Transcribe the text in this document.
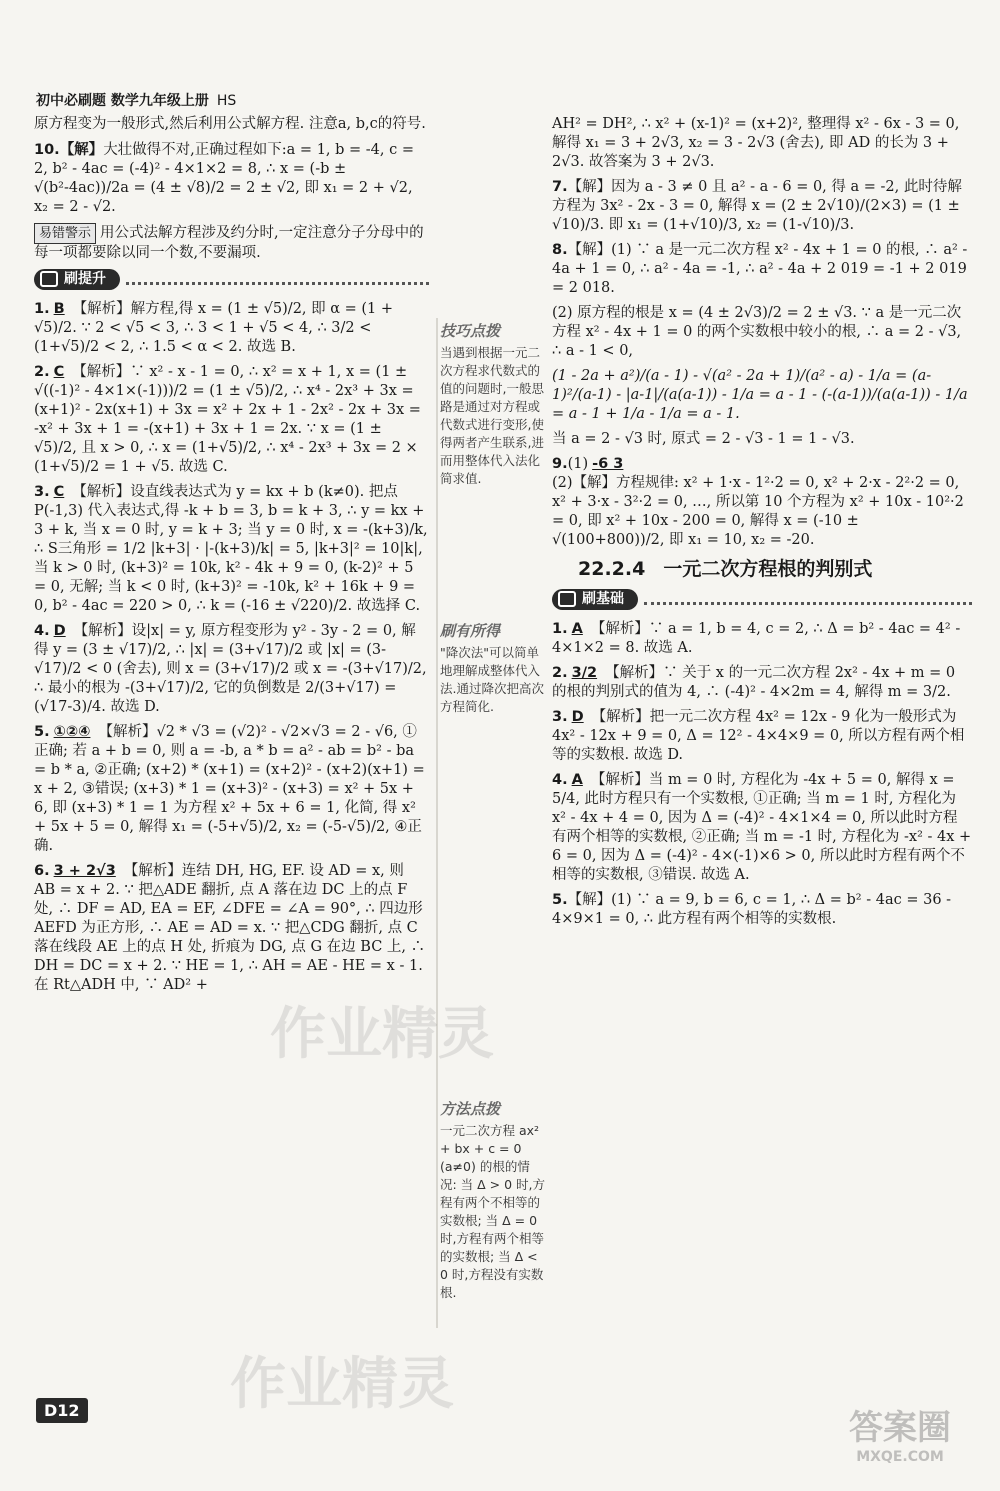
初中必刷题 数学九年级上册 HS

原方程变为一般形式,然后利用公式解方程. 注意a, b,c的符号.

10.【解】大壮做得不对,正确过程如下:a = 1, b = -4, c = 2, b² - 4ac = (-4)² - 4×1×2 = 8, ∴ x = (-b ± √(b²-4ac))/2a = (4 ± √8)/2 = 2 ± √2, 即 x₁ = 2 + √2, x₂ = 2 - √2.

易错警示 用公式法解方程涉及约分时,一定注意分子分母中的每一项都要除以同一个数,不要漏项.

刷提升

1. B 【解析】解方程,得 x = (1 ± √5)/2, 即 α = (1 + √5)/2. ∵ 2 < √5 < 3, ∴ 3 < 1 + √5 < 4, ∴ 3/2 < (1+√5)/2 < 2, ∴ 1.5 < α < 2. 故选 B.

2. C 【解析】∵ x² - x - 1 = 0, ∴ x² = x + 1, x = (1 ± √((-1)² - 4×1×(-1)))/2 = (1 ± √5)/2, ∴ x⁴ - 2x³ + 3x = (x+1)² - 2x(x+1) + 3x = x² + 2x + 1 - 2x² - 2x + 3x = -x² + 3x + 1 = -(x+1) + 3x + 1 = 2x. ∵ x = (1 ± √5)/2, 且 x > 0, ∴ x = (1+√5)/2, ∴ x⁴ - 2x³ + 3x = 2 × (1+√5)/2 = 1 + √5. 故选 C.

3. C 【解析】设直线表达式为 y = kx + b (k≠0). 把点 P(-1,3) 代入表达式,得 -k + b = 3, b = k + 3, ∴ y = kx + 3 + k, 当 x = 0 时, y = k + 3; 当 y = 0 时, x = -(k+3)/k, ∴ S三角形 = 1/2 |k+3| · |-(k+3)/k| = 5, |k+3|² = 10|k|, 当 k > 0 时, (k+3)² = 10k, k² - 4k + 9 = 0, (k-2)² + 5 = 0, 无解; 当 k < 0 时, (k+3)² = -10k, k² + 16k + 9 = 0, b² - 4ac = 220 > 0, ∴ k = (-16 ± √220)/2. 故选择 C.

4. D 【解析】设|x| = y, 原方程变形为 y² - 3y - 2 = 0, 解得 y = (3 ± √17)/2, ∴ |x| = (3+√17)/2 或 |x| = (3-√17)/2 < 0 (舍去), 则 x = (3+√17)/2 或 x = -(3+√17)/2, ∴ 最小的根为 -(3+√17)/2, 它的负倒数是 2/(3+√17) = (√17-3)/4. 故选 D.

5. ①②④ 【解析】√2 * √3 = (√2)² - √2×√3 = 2 - √6, ①正确; 若 a + b = 0, 则 a = -b, a * b = a² - ab = b² - ba = b * a, ②正确; (x+2) * (x+1) = (x+2)² - (x+2)(x+1) = x + 2, ③错误; (x+3) * 1 = (x+3)² - (x+3) = x² + 5x + 6, 即 (x+3) * 1 = 1 为方程 x² + 5x + 6 = 1, 化简, 得 x² + 5x + 5 = 0, 解得 x₁ = (-5+√5)/2, x₂ = (-5-√5)/2, ④正确.

6. 3 + 2√3 【解析】连结 DH, HG, EF. 设 AD = x, 则 AB = x + 2. ∵ 把△ADE 翻折, 点 A 落在边 DC 上的点 F 处, ∴ DF = AD, EA = EF, ∠DFE = ∠A = 90°, ∴ 四边形 AEFD 为正方形, ∴ AE = AD = x. ∵ 把△CDG 翻折, 点 C 落在线段 AE 上的点 H 处, 折痕为 DG, 点 G 在边 BC 上, ∴ DH = DC = x + 2. ∵ HE = 1, ∴ AH = AE - HE = x - 1. 在 Rt△ADH 中, ∵ AD² +

技巧点拨
当遇到根据一元二次方程求代数式的值的问题时,一般思路是通过对方程或代数式进行变形,使得两者产生联系,进而用整体代入法化简求值.
刷有所得
"降次法"可以简单地理解成整体代入法.通过降次把高次方程简化.
方法点拨
一元二次方程 ax² + bx + c = 0 (a≠0) 的根的情况: 当 Δ > 0 时,方程有两个不相等的实数根; 当 Δ = 0 时,方程有两个相等的实数根; 当 Δ < 0 时,方程没有实数根.

AH² = DH², ∴ x² + (x-1)² = (x+2)², 整理得 x² - 6x - 3 = 0, 解得 x₁ = 3 + 2√3, x₂ = 3 - 2√3 (舍去), 即 AD 的长为 3 + 2√3. 故答案为 3 + 2√3.

7.【解】因为 a - 3 ≠ 0 且 a² - a - 6 = 0, 得 a = -2, 此时待解方程为 3x² - 2x - 3 = 0, 解得 x = (2 ± 2√10)/(2×3) = (1 ± √10)/3. 即 x₁ = (1+√10)/3, x₂ = (1-√10)/3.

8.【解】(1) ∵ a 是一元二次方程 x² - 4x + 1 = 0 的根, ∴ a² - 4a + 1 = 0, ∴ a² - 4a = -1, ∴ a² - 4a + 2 019 = -1 + 2 019 = 2 018.

(2) 原方程的根是 x = (4 ± 2√3)/2 = 2 ± √3. ∵ a 是一元二次方程 x² - 4x + 1 = 0 的两个实数根中较小的根, ∴ a = 2 - √3, ∴ a - 1 < 0,

(1 - 2a + a²)/(a - 1) - √(a² - 2a + 1)/(a² - a) - 1/a = (a-1)²/(a-1) - |a-1|/(a(a-1)) - 1/a = a - 1 - (-(a-1))/(a(a-1)) - 1/a = a - 1 + 1/a - 1/a = a - 1.

当 a = 2 - √3 时, 原式 = 2 - √3 - 1 = 1 - √3.

9.(1) -6 3
(2)【解】方程规律: x² + 1·x - 1²·2 = 0, x² + 2·x - 2²·2 = 0, x² + 3·x - 3²·2 = 0, …, 所以第 10 个方程为 x² + 10x - 10²·2 = 0, 即 x² + 10x - 200 = 0, 解得 x = (-10 ± √(100+800))/2, 即 x₁ = 10, x₂ = -20.

22.2.4 一元二次方程根的判别式
刷基础

1. A 【解析】∵ a = 1, b = 4, c = 2, ∴ Δ = b² - 4ac = 4² - 4×1×2 = 8. 故选 A.

2. 3/2 【解析】∵ 关于 x 的一元二次方程 2x² - 4x + m = 0 的根的判别式的值为 4, ∴ (-4)² - 4×2m = 4, 解得 m = 3/2.

3. D 【解析】把一元二次方程 4x² = 12x - 9 化为一般形式为 4x² - 12x + 9 = 0, Δ = 12² - 4×4×9 = 0, 所以方程有两个相等的实数根. 故选 D.

4. A 【解析】当 m = 0 时, 方程化为 -4x + 5 = 0, 解得 x = 5/4, 此时方程只有一个实数根, ①正确; 当 m = 1 时, 方程化为 x² - 4x + 4 = 0, 因为 Δ = (-4)² - 4×1×4 = 0, 所以此时方程有两个相等的实数根, ②正确; 当 m = -1 时, 方程化为 -x² - 4x + 6 = 0, 因为 Δ = (-4)² - 4×(-1)×6 > 0, 所以此时方程有两个不相等的实数根, ③错误. 故选 A.

5.【解】(1) ∵ a = 9, b = 6, c = 1, ∴ Δ = b² - 4ac = 36 - 4×9×1 = 0, ∴ 此方程有两个相等的实数根.

作业精灵
作业精灵
D12	答案圈
MXQE.COM
